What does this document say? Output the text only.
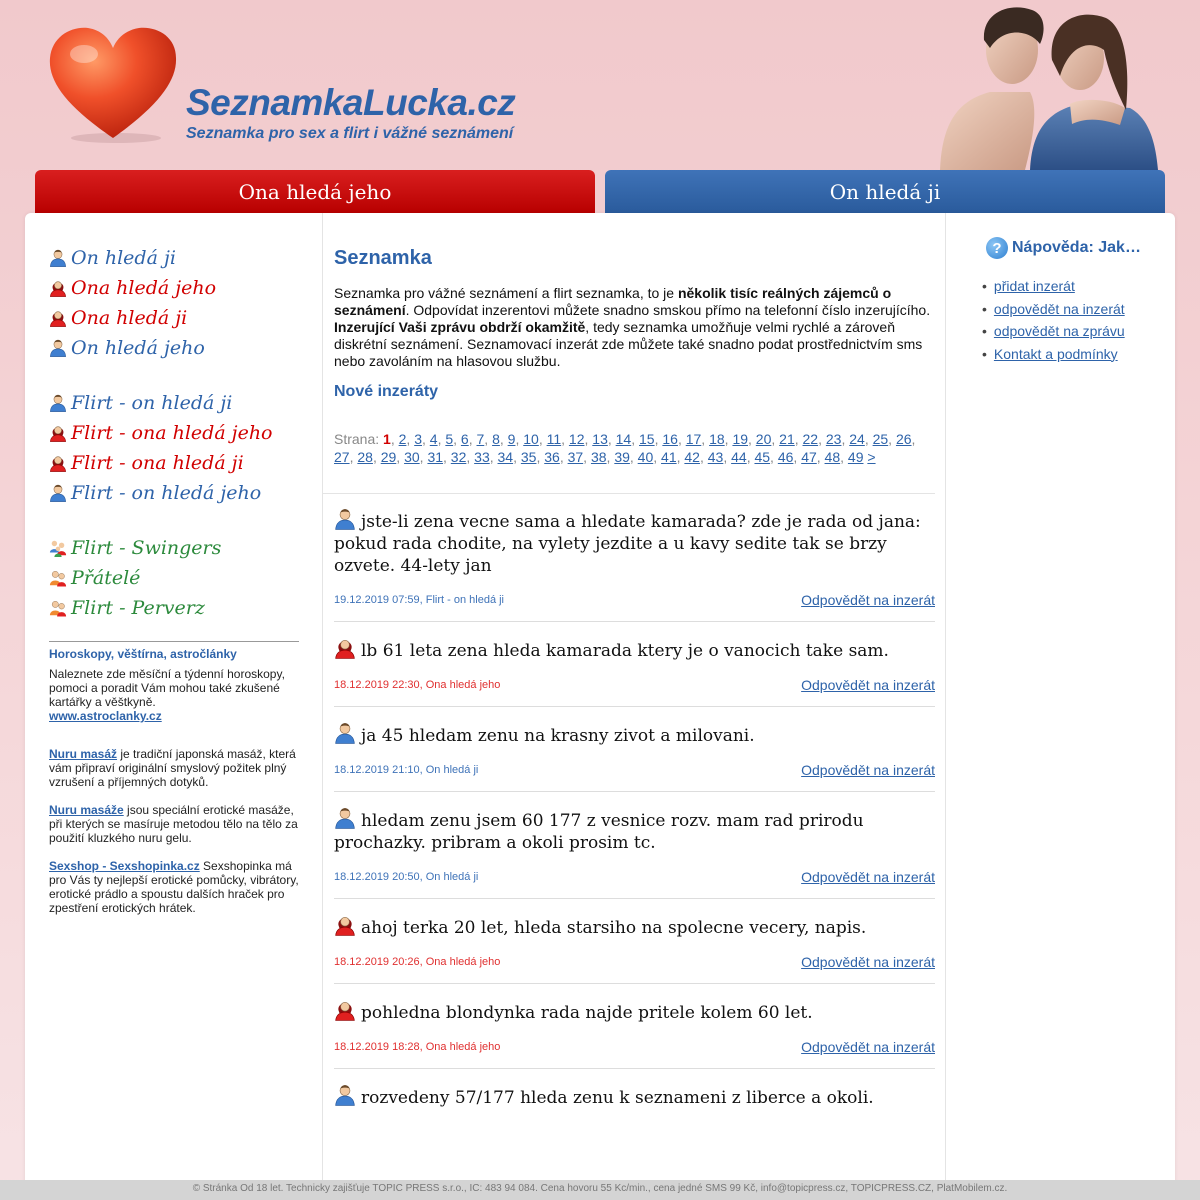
SeznamkaLucka.cz
Seznamka pro sex a flirt i vážné seznámení
Ona hledá jeho	On hledá ji
On hledá ji
Ona hledá jeho
Ona hledá ji
On hledá jeho
Flirt - on hledá ji
Flirt - ona hledá jeho
Flirt - ona hledá ji
Flirt - on hledá jeho
Flirt - Swingers
Přátelé
Flirt - Perverz
Horoskopy, věštírna, astročlánky
Naleznete zde měsíční a týdenní horoskopy, pomoci a poradit Vám mohou také zkušené kartářky a věštkyně.
www.astroclanky.cz

Nuru masáž je tradiční japonská masáž, která vám připraví originální smyslový požitek plný vzrušení a příjemných dotyků.

Nuru masáže jsou speciální erotické masáže, při kterých se masíruje metodou tělo na tělo za použití kluzkého nuru gelu.

Sexshop - Sexshopinka.cz Sexshopinka má pro Vás ty nejlepší erotické pomůcky, vibrátory, erotické prádlo a spoustu dalších hraček pro zpestření erotických hrátek.

Seznamka
Seznamka pro vážné seznámení a flirt seznamka, to je několik tisíc reálných zájemců o seznámení. Odpovídat inzerentovi můžete snadno smskou přímo na telefonní číslo inzerujícího. Inzerující Vaši zprávu obdrží okamžitě, tedy seznamka umožňuje velmi rychlé a zároveň diskrétní seznámení. Seznamovací inzerát zde můžete také snadno podat prostřednictvím sms nebo zavoláním na hlasovou službu.
Nové inzeráty
Strana: 1, 2, 3, 4, 5, 6, 7, 8, 9, 10, 11, 12, 13, 14, 15, 16, 17, 18, 19, 20, 21, 22, 23, 24, 25, 26, 27, 28, 29, 30, 31, 32, 33, 34, 35, 36, 37, 38, 39, 40, 41, 42, 43, 44, 45, 46, 47, 48, 49 >
jste-li zena vecne sama a hledate kamarada? zde je rada od jana: pokud rada chodite, na vylety jezdite a u kavy sedite tak se brzy ozvete. 44-lety jan
19.12.2019 07:59, Flirt - on hledá ji	Odpovědět na inzerát
lb 61 leta zena hleda kamarada ktery je o vanocich take sam.
18.12.2019 22:30, Ona hledá jeho	Odpovědět na inzerát
ja 45 hledam zenu na krasny zivot a milovani.
18.12.2019 21:10, On hledá ji	Odpovědět na inzerát
hledam zenu jsem 60 177 z vesnice rozv. mam rad prirodu prochazky. pribram a okoli prosim tc.
18.12.2019 20:50, On hledá ji	Odpovědět na inzerát
ahoj terka 20 let, hleda starsiho na spolecne vecery, napis.
18.12.2019 20:26, Ona hledá jeho	Odpovědět na inzerát
pohledna blondynka rada najde pritele kolem 60 let.
18.12.2019 18:28, Ona hledá jeho	Odpovědět na inzerát
rozvedeny 57/177 hleda zenu k seznameni z liberce a okoli.
? Nápověda: Jak…
• přidat inzerát
• odpovědět na inzerát
• odpovědět na zprávu
• Kontakt a podmínky
© Stránka Od 18 let. Technicky zajišťuje TOPIC PRESS s.r.o., IC: 483 94 084. Cena hovoru 55 Kc/min., cena jedné SMS 99 Kč, info@topicpress.cz, TOPICPRESS.CZ, PlatMobilem.cz.
